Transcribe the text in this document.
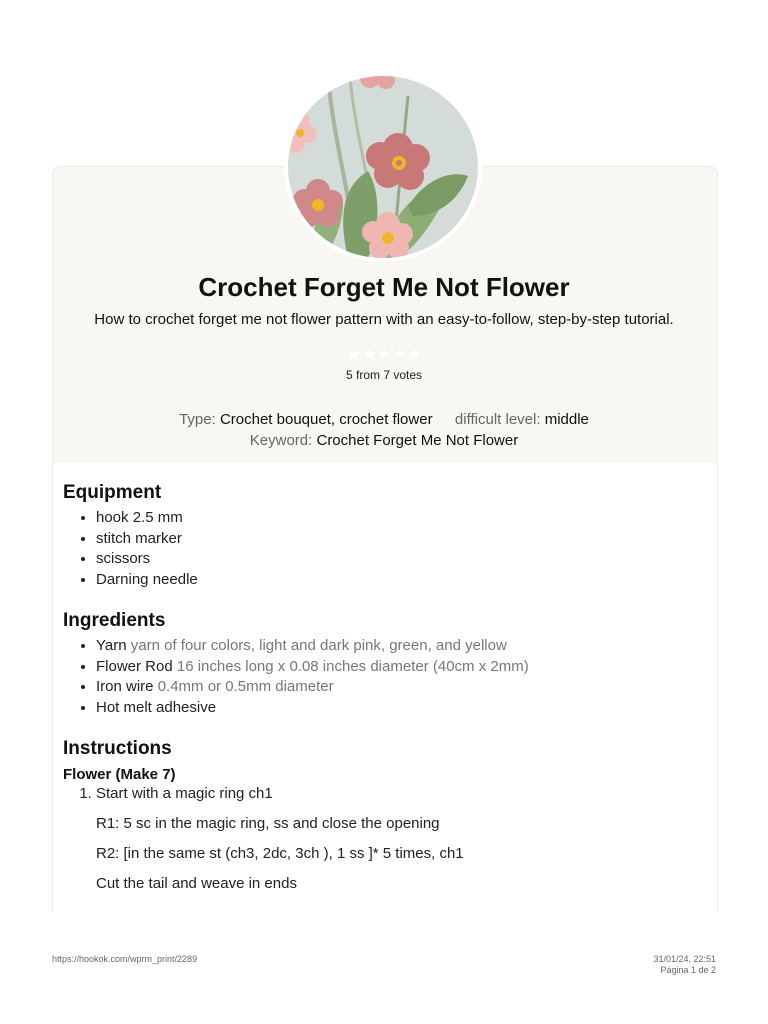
Crochet Forget Me Not Flower
How to crochet forget me not flower pattern with an easy-to-follow, step-by-step tutorial.
★★★★★
5 from 7 votes
Type: Crochet bouquet, crochet flower difficult level: middle
Keyword: Crochet Forget Me Not Flower
Equipment
• hook 2.5 mm
• stitch marker
• scissors
• Darning needle
Ingredients
• Yarn yarn of four colors, light and dark pink, green, and yellow
• Flower Rod 16 inches long x 0.08 inches diameter (40cm x 2mm)
• Iron wire 0.4mm or 0.5mm diameter
• Hot melt adhesive
Instructions
Flower (Make 7)

1. Start with a magic ring ch1

R1: 5 sc in the magic ring, ss and close the opening

R2: [in the same st (ch3, 2dc, 3ch ), 1 ss ]* 5 times, ch1

Cut the tail and weave in ends

https://hookok.com/wprm_print/2289	31/01/24, 22:51
Página 1 de 2
